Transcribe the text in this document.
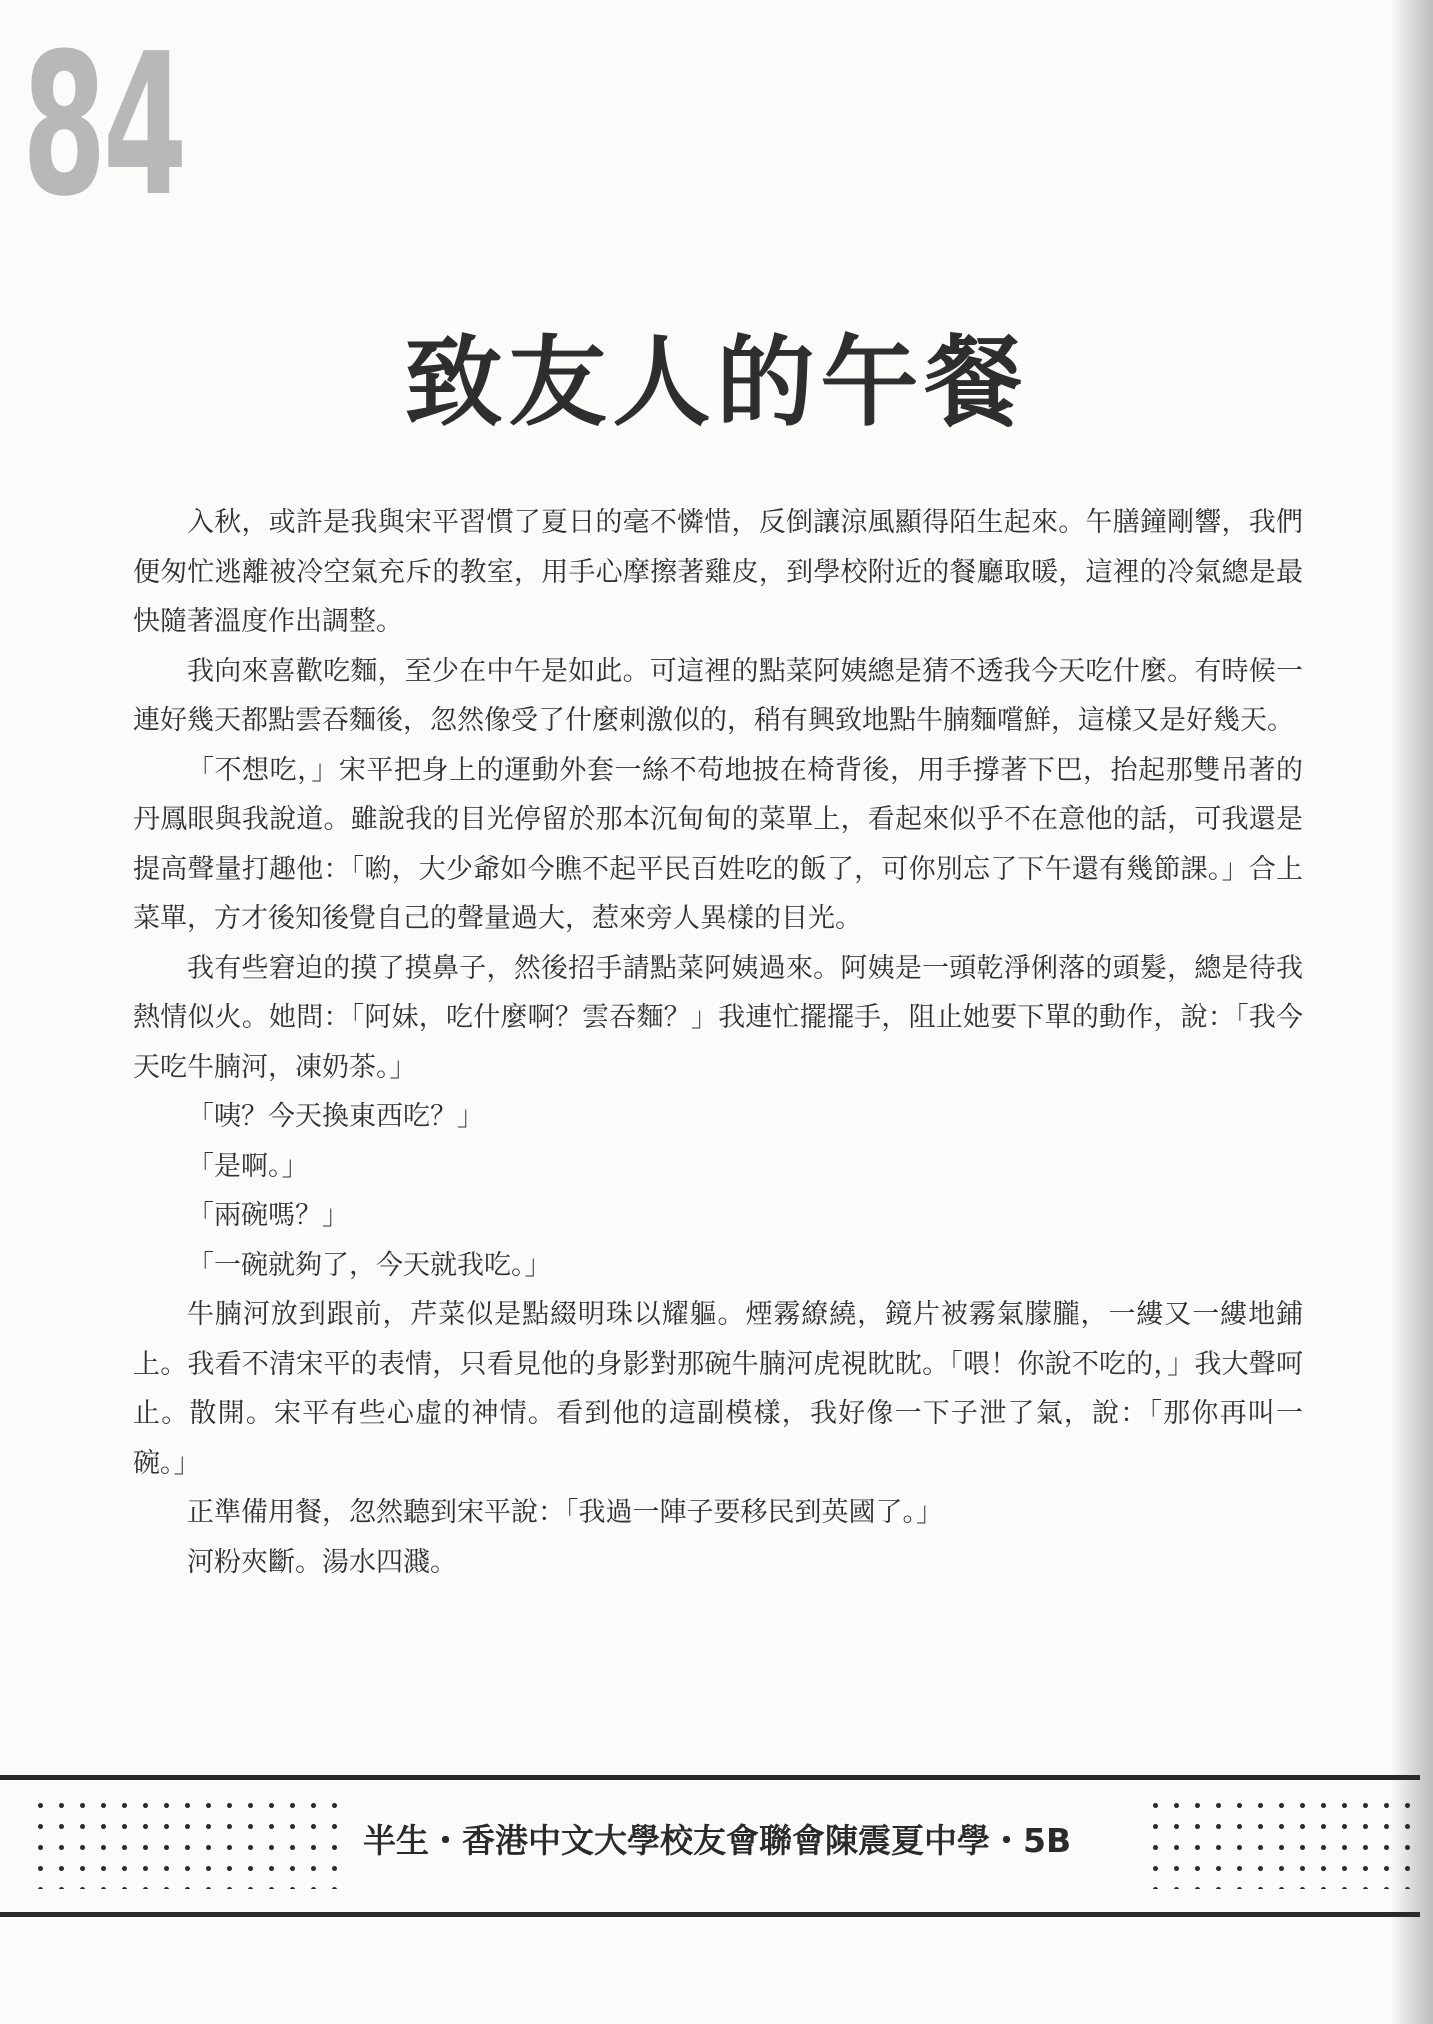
84
致友人的午餐

入秋，或許是我與宋平習慣了夏日的毫不憐惜，反倒讓涼風顯得陌生起來。午膳鐘剛響，我們便匆忙逃離被冷空氣充斥的教室，用手心摩擦著雞皮，到學校附近的餐廳取暖，這裡的冷氣總是最快隨著溫度作出調整。

我向來喜歡吃麵，至少在中午是如此。可這裡的點菜阿姨總是猜不透我今天吃什麼。有時候一連好幾天都點雲吞麵後，忽然像受了什麼刺激似的，稍有興致地點牛腩麵嚐鮮，這樣又是好幾天。

「不想吃，」宋平把身上的運動外套一絲不苟地披在椅背後，用手撐著下巴，抬起那雙吊著的丹鳳眼與我說道。雖說我的目光停留於那本沉甸甸的菜單上，看起來似乎不在意他的話，可我還是提高聲量打趣他：「喲，大少爺如今瞧不起平民百姓吃的飯了，可你別忘了下午還有幾節課。」合上菜單，方才後知後覺自己的聲量過大，惹來旁人異樣的目光。

我有些窘迫的摸了摸鼻子，然後招手請點菜阿姨過來。阿姨是一頭乾淨俐落的頭髮，總是待我熱情似火。她問：「阿妹，吃什麼啊？雲吞麵？」我連忙擺擺手，阻止她要下單的動作，說：「我今天吃牛腩河，凍奶茶。」

「咦？今天換東西吃？」

「是啊。」

「兩碗嗎？」

「一碗就夠了，今天就我吃。」

牛腩河放到跟前，芹菜似是點綴明珠以耀軀。煙霧繚繞，鏡片被霧氣朦朧，一縷又一縷地鋪上。我看不清宋平的表情，只看見他的身影對那碗牛腩河虎視眈眈。「喂！你說不吃的，」我大聲呵止。散開。宋平有些心虛的神情。看到他的這副模樣，我好像一下子泄了氣，說：「那你再叫一碗。」

正準備用餐，忽然聽到宋平說：「我過一陣子要移民到英國了。」

河粉夾斷。湯水四濺。

半生・香港中文大學校友會聯會陳震夏中學・5B
